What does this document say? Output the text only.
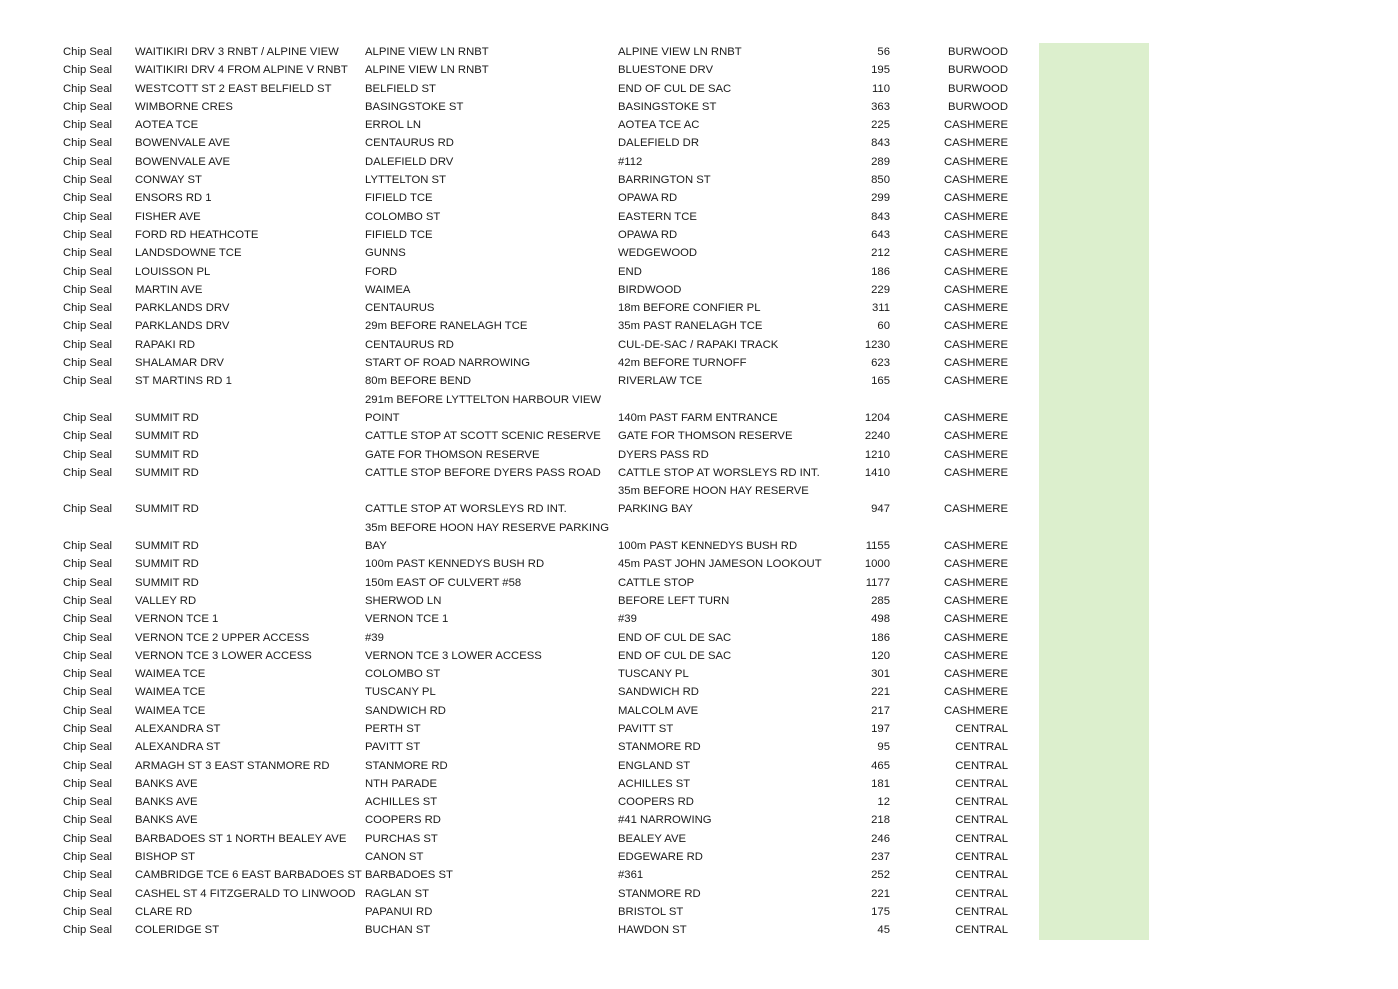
Chip Seal	WAITIKIRI DRV 3 RNBT / ALPINE VIEW	ALPINE VIEW LN RNBT	ALPINE VIEW LN RNBT	56	BURWOOD		
Chip Seal	WAITIKIRI DRV 4 FROM ALPINE V RNBT	ALPINE VIEW LN RNBT	BLUESTONE DRV	195	BURWOOD		
Chip Seal	WESTCOTT ST 2 EAST BELFIELD ST	BELFIELD ST	END OF CUL DE SAC	110	BURWOOD		
Chip Seal	WIMBORNE CRES	BASINGSTOKE ST	BASINGSTOKE ST	363	BURWOOD		
Chip Seal	AOTEA TCE	ERROL LN	AOTEA TCE AC	225	CASHMERE		
Chip Seal	BOWENVALE AVE	CENTAURUS RD	DALEFIELD DR	843	CASHMERE		
Chip Seal	BOWENVALE AVE	DALEFIELD DRV	#112	289	CASHMERE		
Chip Seal	CONWAY ST	LYTTELTON ST	BARRINGTON ST	850	CASHMERE		
Chip Seal	ENSORS RD 1	FIFIELD TCE	OPAWA RD	299	CASHMERE		
Chip Seal	FISHER AVE	COLOMBO ST	EASTERN TCE	843	CASHMERE		
Chip Seal	FORD RD HEATHCOTE	FIFIELD TCE	OPAWA RD	643	CASHMERE		
Chip Seal	LANDSDOWNE TCE	GUNNS	WEDGEWOOD	212	CASHMERE		
Chip Seal	LOUISSON PL	FORD	END	186	CASHMERE		
Chip Seal	MARTIN AVE	WAIMEA	BIRDWOOD	229	CASHMERE		
Chip Seal	PARKLANDS DRV	CENTAURUS	18m BEFORE CONFIER PL	311	CASHMERE		
Chip Seal	PARKLANDS DRV	29m BEFORE RANELAGH TCE	35m PAST RANELAGH TCE	60	CASHMERE		
Chip Seal	RAPAKI RD	CENTAURUS RD	CUL-DE-SAC / RAPAKI TRACK	1230	CASHMERE		
Chip Seal	SHALAMAR DRV	START OF ROAD NARROWING	42m BEFORE TURNOFF	623	CASHMERE		
Chip Seal	ST MARTINS RD 1	80m BEFORE BEND	RIVERLAW TCE	165	CASHMERE		
Chip Seal	SUMMIT RD	291m BEFORE LYTTELTON HARBOUR VIEW POINT	140m PAST FARM ENTRANCE	1204	CASHMERE		
Chip Seal	SUMMIT RD	CATTLE STOP AT SCOTT SCENIC RESERVE	GATE FOR THOMSON RESERVE	2240	CASHMERE		
Chip Seal	SUMMIT RD	GATE FOR THOMSON RESERVE	DYERS PASS RD	1210	CASHMERE		
Chip Seal	SUMMIT RD	CATTLE STOP BEFORE DYERS PASS ROAD	CATTLE STOP AT WORSLEYS RD INT.	1410	CASHMERE		
Chip Seal	SUMMIT RD	CATTLE STOP AT WORSLEYS RD INT.	35m BEFORE HOON HAY RESERVE PARKING BAY	947	CASHMERE		
Chip Seal	SUMMIT RD	35m BEFORE HOON HAY RESERVE PARKING BAY	100m PAST KENNEDYS BUSH RD	1155	CASHMERE		
Chip Seal	SUMMIT RD	100m PAST KENNEDYS BUSH RD	45m PAST JOHN JAMESON LOOKOUT	1000	CASHMERE		
Chip Seal	SUMMIT RD	150m EAST OF CULVERT #58	CATTLE STOP	1177	CASHMERE		
Chip Seal	VALLEY RD	SHERWOD LN	BEFORE LEFT TURN	285	CASHMERE		
Chip Seal	VERNON TCE 1	VERNON TCE 1	#39	498	CASHMERE		
Chip Seal	VERNON TCE 2 UPPER ACCESS	#39	END OF CUL DE SAC	186	CASHMERE		
Chip Seal	VERNON TCE 3 LOWER ACCESS	VERNON TCE 3 LOWER ACCESS	END OF CUL DE SAC	120	CASHMERE		
Chip Seal	WAIMEA TCE	COLOMBO ST	TUSCANY PL	301	CASHMERE		
Chip Seal	WAIMEA TCE	TUSCANY PL	SANDWICH RD	221	CASHMERE		
Chip Seal	WAIMEA TCE	SANDWICH RD	MALCOLM AVE	217	CASHMERE		
Chip Seal	ALEXANDRA ST	PERTH ST	PAVITT ST	197	CENTRAL		
Chip Seal	ALEXANDRA ST	PAVITT ST	STANMORE RD	95	CENTRAL		
Chip Seal	ARMAGH ST 3 EAST STANMORE RD	STANMORE RD	ENGLAND ST	465	CENTRAL		
Chip Seal	BANKS AVE	NTH PARADE	ACHILLES ST	181	CENTRAL		
Chip Seal	BANKS AVE	ACHILLES ST	COOPERS RD	12	CENTRAL		
Chip Seal	BANKS AVE	COOPERS RD	#41 NARROWING	218	CENTRAL		
Chip Seal	BARBADOES ST 1 NORTH BEALEY AVE	PURCHAS ST	BEALEY AVE	246	CENTRAL		
Chip Seal	BISHOP ST	CANON ST	EDGEWARE RD	237	CENTRAL		
Chip Seal	CAMBRIDGE TCE 6 EAST BARBADOES ST	BARBADOES ST	#361	252	CENTRAL		
Chip Seal	CASHEL ST 4 FITZGERALD TO LINWOOD	RAGLAN ST	STANMORE RD	221	CENTRAL		
Chip Seal	CLARE RD	PAPANUI RD	BRISTOL ST	175	CENTRAL		
Chip Seal	COLERIDGE ST	BUCHAN ST	HAWDON ST	45	CENTRAL		
